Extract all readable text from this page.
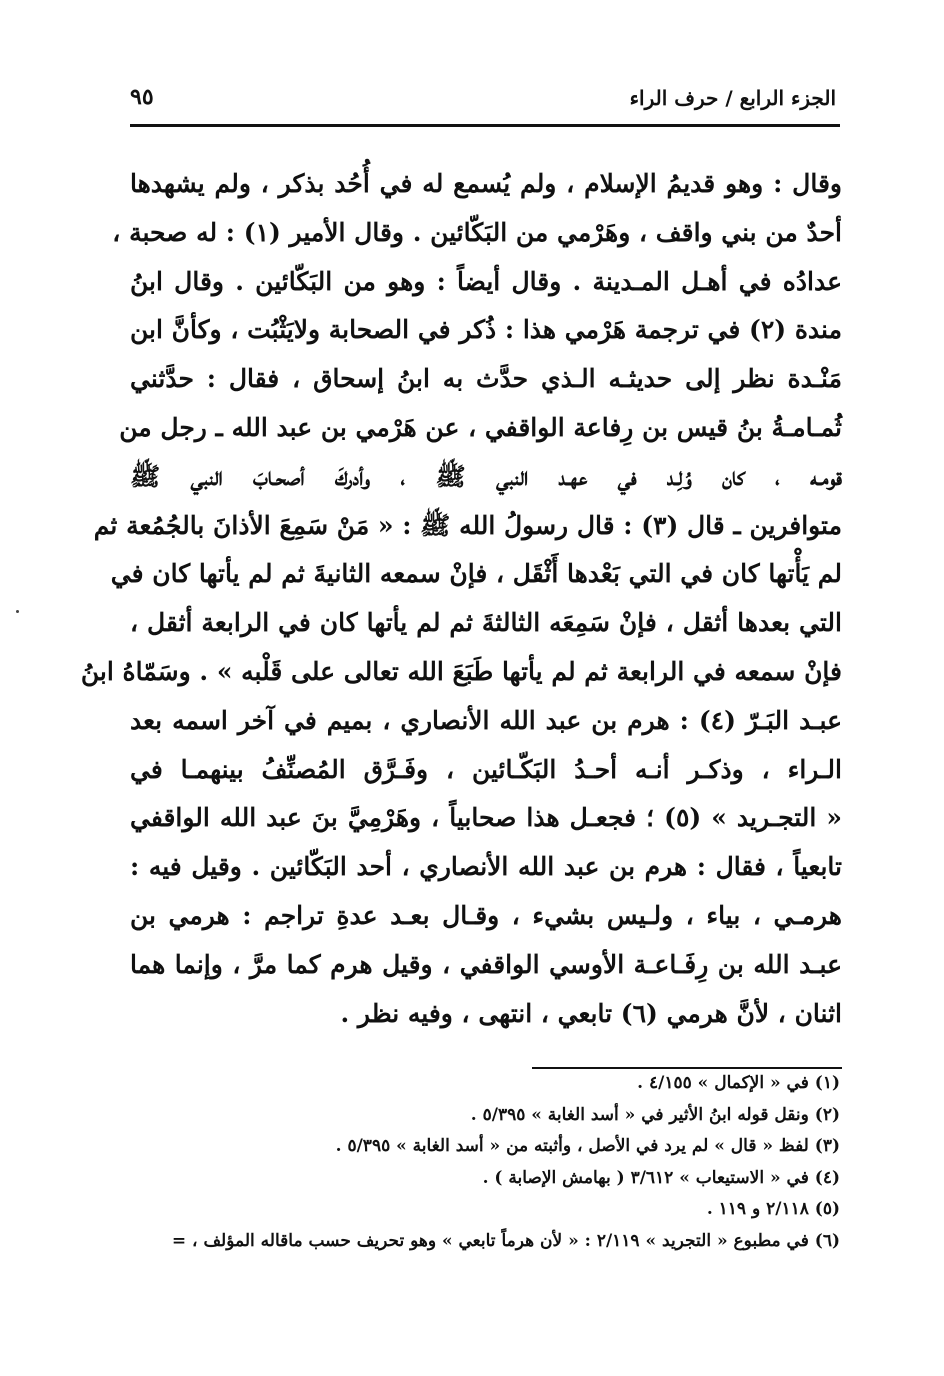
الجزء الرابع / حرف الراء
٩٥
وقال : وهو قديمُ الإسلام ، ولم يُسمع له في أُحُد بذكر ، ولم يشهدها
أحدٌ من بني واقف ، وهَرْمي من البَكّائين . وقال الأمير (١) : له صحبة ،
عدادُه في أهـل المـدينة . وقال أيضاً : وهو من البَكّائين . وقال ابنُ
مندة (٢) في ترجمة هَرْمي هذا : ذُكر في الصحابة ولايَثْبُت ، وكأنَّ ابن
مَنْـدة نظر إلى حديثـه الـذي حدَّث به ابنُ إسحاق ، فقال : حدَّثني
ثُمـامـةُ بنُ قيس بن رِفاعة الواقفي ، عن هَرْمي بن عبد الله ـ رجل من
قومـه ، كان وُلِـد في عهـد النبي ﷺ ، وأدركَ أصحـابَ النبي ﷺ
متوافرين ـ قال (٣) : قال رسولُ الله ﷺ : « مَنْ سَمِعَ الأذانَ بالجُمُعة ثم
لم يَأْتها كان في التي بَعْدها أَثْقَل ، فإنْ سمعه الثانيةَ ثم لم يأتها كان في
التي بعدها أثقل ، فإنْ سَمِعَه الثالثةَ ثم لم يأتها كان في الرابعة أثقل ،
فإنْ سمعه في الرابعة ثم لم يأتها طَبَعَ الله تعالى على قَلْبه » . وسَمّاهُ ابنُ
عبـد البَـرّ (٤) : هرم بن عبد الله الأنصاري ، بميم في آخر اسمه بعد
الـراء ، وذكـر أنـه أحـدُ البَكّـائين ، وفَـرَّق المُصنِّفُ بينهمـا في
« التجـريد » (٥) ؛ فجعـل هذا صحابياً ، وهَرْمِيَّ بنَ عبد الله الواقفي
تابعياً ، فقال : هرم بن عبد الله الأنصاري ، أحد البَكّائين . وقيل فيه :
هرمـي ، بياء ، ولـيس بشيء ، وقـال بعـد عدةِ تراجم : هرمي بن
عبـد الله بن رِفَـاعـة الأوسي الواقفي ، وقيل هرم كما مرَّ ، وإنما هما
اثنان ، لأنَّ هرمي (٦) تابعي ، انتهى ، وفيه نظر .
(١) في « الإكمال » ٤/١٥٥ .
(٢) ونقل قوله ابنُ الأثير في « أسد الغابة » ٥/٣٩٥ .
(٣) لفظ « قال » لم يرد في الأصل ، وأثبته من « أسد الغابة » ٥/٣٩٥ .
(٤) في « الاستيعاب » ٣/٦١٢ ( بهامش الإصابة ) .
(٥) ٢/١١٨ و ١١٩ .
(٦) في مطبوع « التجريد » ٢/١١٩ : « لأن هرماً تابعي » وهو تحريف حسب ماقاله المؤلف ، =
